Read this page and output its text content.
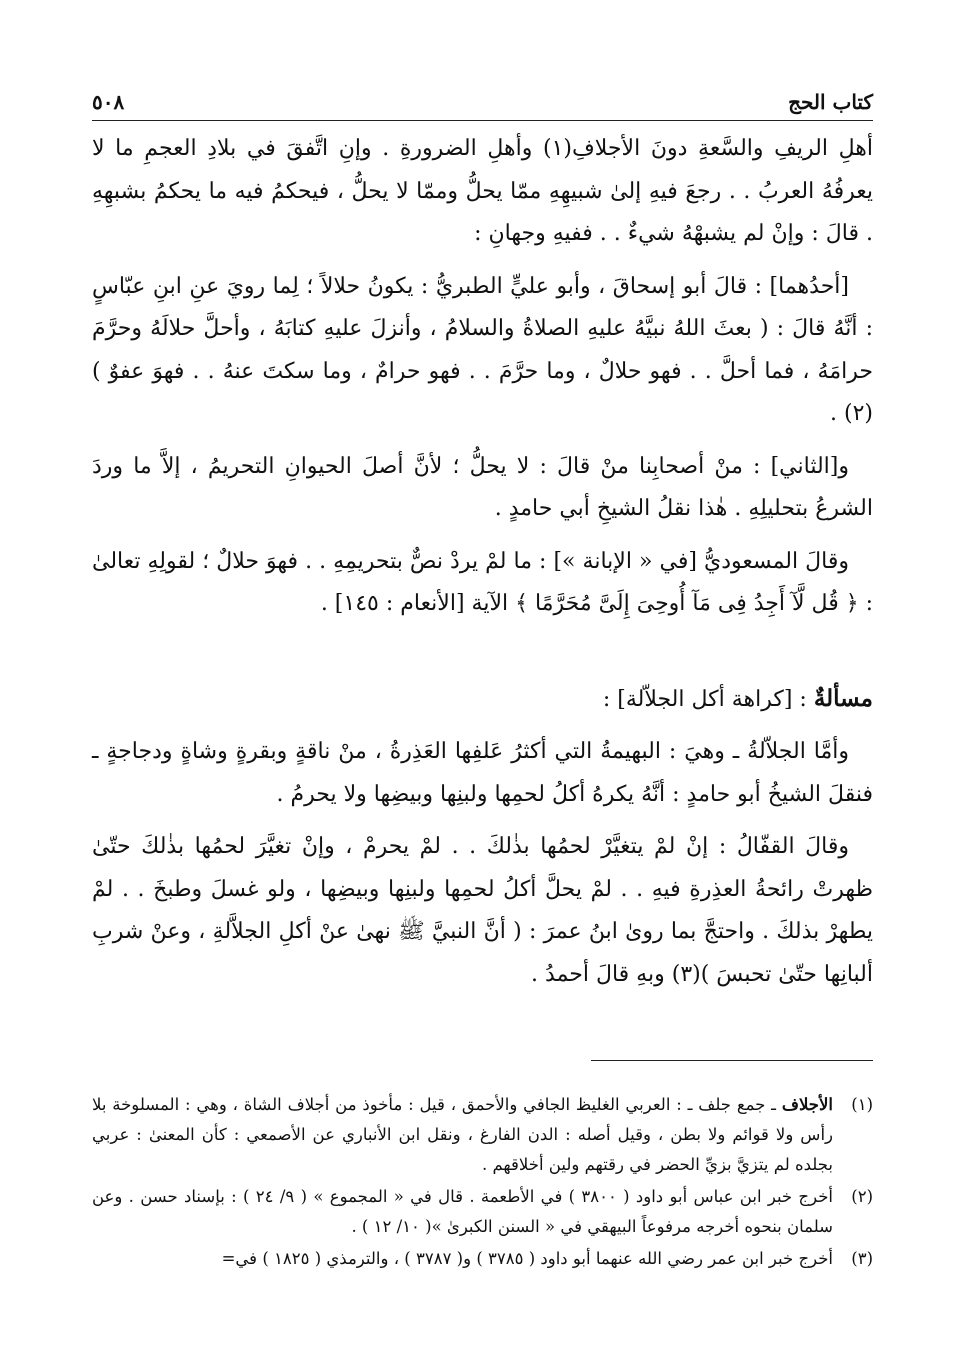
كتاب الحج
٥٠٨

أهلِ الريفِ والسَّعةِ دونَ الأجلافِ(١) وأهلِ الضرورةِ . وإنِ اتَّفقَ في بلادِ العجمِ ما لا يعرفُهُ العربُ . . رجعَ فيهِ إلىٰ شبيهِهِ ممّا يحلُّ وممّا لا يحلُّ ، فيحكمُ فيه ما يحكمُ بشبهِهِ . قالَ : وإنْ لم يشبهْهُ شيءٌ . . ففيهِ وجهانِ :

[أحدُهما] : قالَ أبو إسحاقَ ، وأبو عليٍّ الطبريُّ : يكونُ حلالاً ؛ لِما رويَ عنِ ابنِ عبّاسٍ : أنَّهُ قالَ : ( بعثَ اللهُ نبيَّهُ عليهِ الصلاةُ والسلامُ ، وأنزلَ عليهِ كتابَهُ ، وأحلَّ حلالَهُ وحرَّمَ حرامَهُ ، فما أحلَّ . . فهو حلالٌ ، وما حرَّمَ . . فهو حرامٌ ، وما سكتَ عنهُ . . فهوَ عفوٌ )(٢) .

و[الثاني] : منْ أصحابِنا منْ قالَ : لا يحلُّ ؛ لأنَّ أصلَ الحيوانِ التحريمُ ، إلاَّ ما وردَ الشرعُ بتحليلِهِ . هٰذا نقلُ الشيخِ أبي حامدٍ .

وقالَ المسعوديُّ [في « الإبانة »] : ما لمْ يردْ نصٌّ بتحريمِهِ . . فهوَ حلالٌ ؛ لقولِهِ تعالىٰ : ﴿ قُل لَّآ أَجِدُ فِى مَآ أُوحِىَ إِلَىَّ مُحَرَّمًا ﴾ الآية [الأنعام : ١٤٥] .

مسألةٌ : [كراهة أكل الجلاّلة] :

وأمَّا الجلاّلةُ ـ وهيَ : البهيمةُ التي أكثرُ عَلفِها العَذِرةُ ، منْ ناقةٍ وبقرةٍ وشاةٍ ودجاجةٍ ـ فنقلَ الشيخُ أبو حامدٍ : أنَّهُ يكرهُ أكلُ لحمِها ولبنِها وبيضِها ولا يحرمُ .

وقالَ القفّالُ : إنْ لمْ يتغيَّرْ لحمُها بذٰلكَ . . لمْ يحرمْ ، وإنْ تغيَّرَ لحمُها بذٰلكَ حتّىٰ ظهرتْ رائحةُ العذِرةِ فيهِ . . لمْ يحلَّ أكلُ لحمِها ولبنِها وبيضِها ، ولو غسلَ وطبخَ . . لمْ يطهرْ بذلكَ . واحتجَّ بما روىٰ ابنُ عمرَ : ( أنَّ النبيَّ ﷺ نهىٰ عنْ أكلِ الجلاَّلةِ ، وعنْ شربِ ألبانِها حتّىٰ تحبسَ )(٣) وبهِ قالَ أحمدُ .

(١)
الأجلاف ـ جمع جلف ـ : العربي الغليظ الجافي والأحمق ، قيل : مأخوذ من أجلاف الشاة ، وهي : المسلوخة بلا رأس ولا قوائم ولا بطن ، وقيل أصله : الدن الفارغ ، ونقل ابن الأنباري عن الأصمعي : كأن المعنىٰ : عربي بجلده لم يتزيَّ بزيِّ الحضر في رقتهم ولين أخلاقهم .
(٢)
أخرج خبر ابن عباس أبو داود ( ٣٨٠٠ ) في الأطعمة . قال في « المجموع » ( ٩/ ٢٤ ) : بإسناد حسن . وعن سلمان بنحوه أخرجه مرفوعاً البيهقي في « السنن الكبرىٰ »( ١٠/ ١٢ ) .
(٣)
أخرج خبر ابن عمر رضي الله عنهما أبو داود ( ٣٧٨٥ ) و( ٣٧٨٧ ) ، والترمذي ( ١٨٢٥ ) في=
